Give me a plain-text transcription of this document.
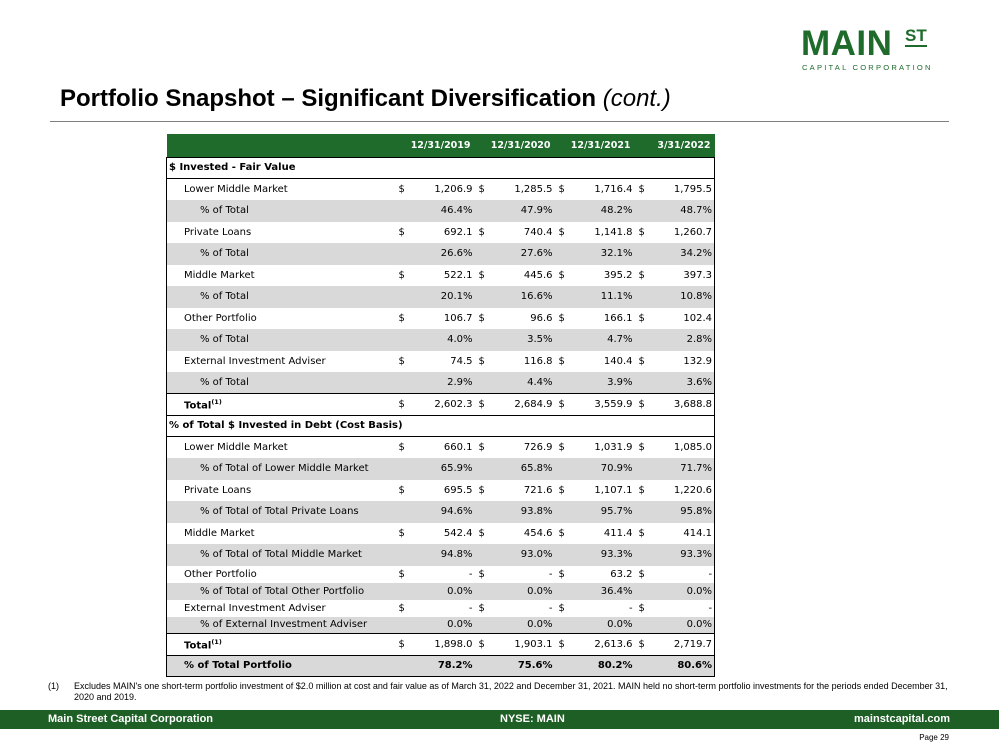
MAIN ST
CAPITAL CORPORATION
Portfolio Snapshot – Significant Diversification (cont.)
	12/31/2019		12/31/2020		12/31/2021		3/31/2022	
$ Invested - Fair Value								
Lower Middle Market	$	1,206.9	$	1,285.5	$	1,716.4	$	1,795.5
% of Total		46.4%		47.9%		48.2%		48.7%
Private Loans	$	692.1	$	740.4	$	1,141.8	$	1,260.7
% of Total		26.6%		27.6%		32.1%		34.2%
Middle Market	$	522.1	$	445.6	$	395.2	$	397.3
% of Total		20.1%		16.6%		11.1%		10.8%
Other Portfolio	$	106.7	$	96.6	$	166.1	$	102.4
% of Total		4.0%		3.5%		4.7%		2.8%
External Investment Adviser	$	74.5	$	116.8	$	140.4	$	132.9
% of Total		2.9%		4.4%		3.9%		3.6%
Total$^{(1)}$	$	2,602.3	$	2,684.9	$	3,559.9	$	3,688.8
% of Total $ Invested in Debt (Cost Basis)								
Lower Middle Market	$	660.1	$	726.9	$	1,031.9	$	1,085.0
% of Total of Lower Middle Market		65.9%		65.8%		70.9%		71.7%
Private Loans	$	695.5	$	721.6	$	1,107.1	$	1,220.6
% of Total of Total Private Loans		94.6%		93.8%		95.7%		95.8%
Middle Market	$	542.4	$	454.6	$	411.4	$	414.1
% of Total of Total Middle Market		94.8%		93.0%		93.3%		93.3%
Other Portfolio	$	-	$	-	$	63.2	$	-
% of Total of Total Other Portfolio		0.0%		0.0%		36.4%		0.0%
External Investment Adviser	$	-	$	-	$	-	$	-
% of External Investment Adviser		0.0%		0.0%		0.0%		0.0%
Total$^{(1)}$	$	1,898.0	$	1,903.1	$	2,613.6	$	2,719.7
% of Total Portfolio		78.2%		75.6%		80.2%		80.6%
(1) Excludes MAIN's one short-term portfolio investment of $2.0 million at cost and fair value as of March 31, 2022 and December 31, 2021. MAIN held no short-term portfolio investments for the periods ended December 31, 2020 and 2019.
Main Street Capital Corporation	NYSE: MAIN	mainstcapital.com
Page 29
